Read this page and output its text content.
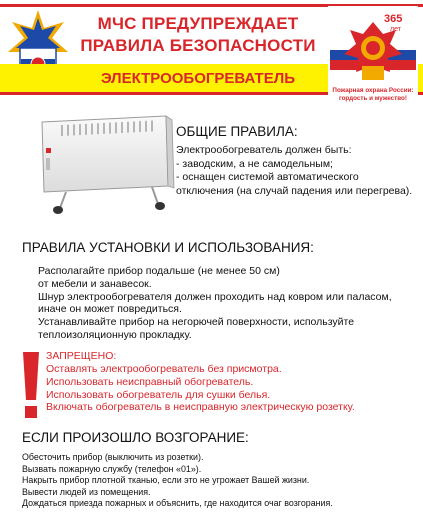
МЧС ПРЕДУПРЕЖДАЕТ
ПРАВИЛА БЕЗОПАСНОСТИ
ЭЛЕКТРООБОГРЕВАТЕЛЬ
365
лет
Пожарная охрана России:
гордость и мужество!
ОБЩИЕ ПРАВИЛА:
Электрообогреватель должен быть:
- заводским, а не самодельным;
- оснащен системой автоматического отключения (на случай падения или перегрева).
ПРАВИЛА УСТАНОВКИ И ИСПОЛЬЗОВАНИЯ:
Располагайте прибор подальше (не менее 50 см)
от мебели и занавесок.
Шнур электрообогревателя должен проходить над ковром или паласом, иначе он может повредиться.
Устанавливайте прибор на негорючей поверхности, используйте теплоизоляционную прокладку.
ЗАПРЕЩЕНО:
Оставлять электрообогреватель без присмотра.
Использовать неисправный обогреватель.
Использовать обогреватель для сушки белья.
Включать обогреватель в неисправную электрическую розетку.
ЕСЛИ ПРОИЗОШЛО ВОЗГОРАНИЕ:
Обесточить прибор (выключить из розетки).
Вызвать пожарную службу (телефон «01»).
Накрыть прибор плотной тканью, если это не угрожает Вашей жизни.
Вывести людей из помещения.
Дождаться приезда пожарных и объяснить, где находится очаг возгорания.
